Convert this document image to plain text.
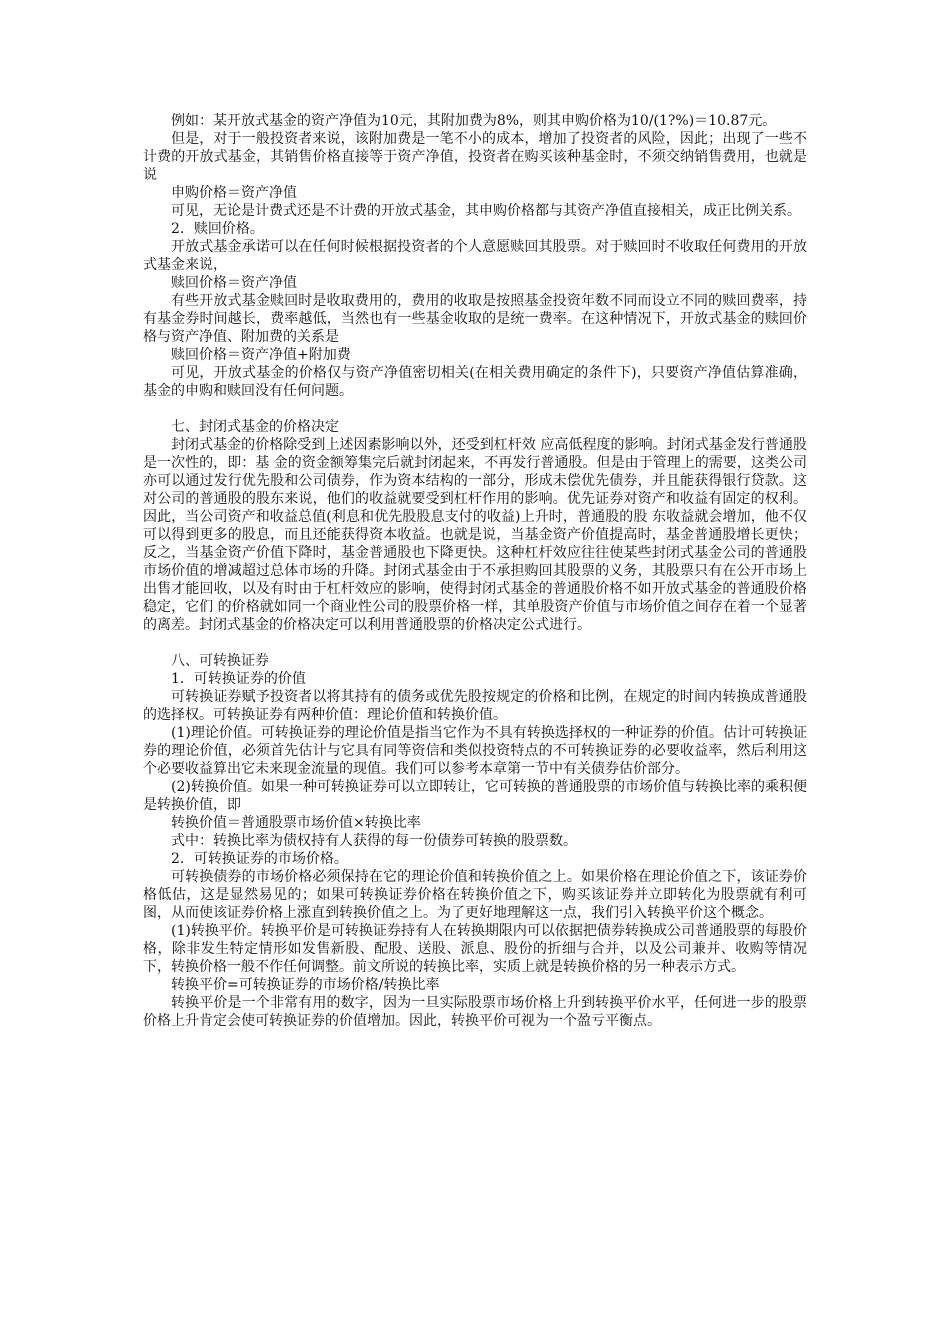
例如：某开放式基金的资产净值为10元，其附加费为8%，则其申购价格为10/(1?%)＝10.87元。

但是，对于一般投资者来说，该附加费是一笔不小的成本，增加了投资者的风险，因此；出现了一些不计费的开放式基金，其销售价格直接等于资产净值，投资者在购买该种基金时，不须交纳销售费用，也就是说

申购价格＝资产净值

可见，无论是计费式还是不计费的开放式基金，其申购价格都与其资产净值直接相关，成正比例关系。

2．赎回价格。

开放式基金承诺可以在任何时候根据投资者的个人意愿赎回其股票。对于赎回时不收取任何费用的开放式基金来说，

赎回价格＝资产净值

有些开放式基金赎回时是收取费用的，费用的收取是按照基金投资年数不同而设立不同的赎回费率，持有基金券时间越长，费率越低，当然也有一些基金收取的是统一费率。在这种情况下，开放式基金的赎回价格与资产净值、附加费的关系是

赎回价格＝资产净值+附加费

可见，开放式基金的价格仅与资产净值密切相关(在相关费用确定的条件下)，只要资产净值估算准确，基金的申购和赎回没有任何问题。

七、封闭式基金的价格决定

封闭式基金的价格除受到上述因素影响以外，还受到杠杆效 应高低程度的影响。封闭式基金发行普通股是一次性的，即：基 金的资金额筹集完后就封闭起来，不再发行普通股。但是由于管理上的需要，这类公司亦可以通过发行优先股和公司债券，作为资本结构的一部分，形成未偿优先债券，并且能获得银行贷款。这对公司的普通股的股东来说，他们的收益就要受到杠杆作用的影响。优先证券对资产和收益有固定的权利。因此，当公司资产和收益总值(利息和优先股股息支付的收益)上升时，普通股的股 东收益就会增加，他不仅可以得到更多的股息，而且还能获得资本收益。也就是说，当基金资产价值提高时，基金普通股增长更快；反之，当基金资产价值下降时，基金普通股也下降更快。这种杠杆效应往往使某些封闭式基金公司的普通股市场价值的增减超过总体市场的升降。封闭式基金由于不承担购回其股票的义务，其股票只有在公开市场上出售才能回收，以及有时由于杠杆效应的影响，使得封闭式基金的普通股价格不如开放式基金的普通股价格稳定，它们 的价格就如同一个商业性公司的股票价格一样，其单股资产价值与市场价值之间存在着一个显著的离差。封闭式基金的价格决定可以利用普通股票的价格决定公式进行。

八、可转换证券

1．可转换证券的价值

可转换证券赋予投资者以将其持有的债务或优先股按规定的价格和比例，在规定的时间内转换成普通股的选择权。可转换证券有两种价值：理论价值和转换价值。

(1)理论价值。可转换证券的理论价值是指当它作为不具有转换选择权的一种证券的价值。估计可转换证券的理论价值，必须首先估计与它具有同等资信和类似投资特点的不可转换证券的必要收益率，然后利用这个必要收益算出它未来现金流量的现值。我们可以参考本章第一节中有关债券估价部分。

(2)转换价值。如果一种可转换证券可以立即转让，它可转换的普通股票的市场价值与转换比率的乘积便是转换价值，即

转换价值＝普通股票市场价值×转换比率

式中：转换比率为债权持有人获得的每一份债券可转换的股票数。

2．可转换证券的市场价格。

可转换债券的市场价格必须保持在它的理论价值和转换价值之上。如果价格在理论价值之下，该证券价格低估，这是显然易见的；如果可转换证券价格在转换价值之下，购买该证券并立即转化为股票就有利可图，从而使该证券价格上涨直到转换价值之上。为了更好地理解这一点，我们引入转换平价这个概念。

(1)转换平价。转换平价是可转换证券持有人在转换期限内可以依据把债券转换成公司普通股票的每股价格，除非发生特定情形如发售新股、配股、送股、派息、股份的折细与合并，以及公司兼并、收购等情况下，转换价格一般不作任何调整。前文所说的转换比率，实质上就是转换价格的另一种表示方式。

转换平价=可转换证券的市场价格/转换比率

转换平价是一个非常有用的数字，因为一旦实际股票市场价格上升到转换平价水平，任何进一步的股票价格上升肯定会使可转换证券的价值增加。因此，转换平价可视为一个盈亏平衡点。
